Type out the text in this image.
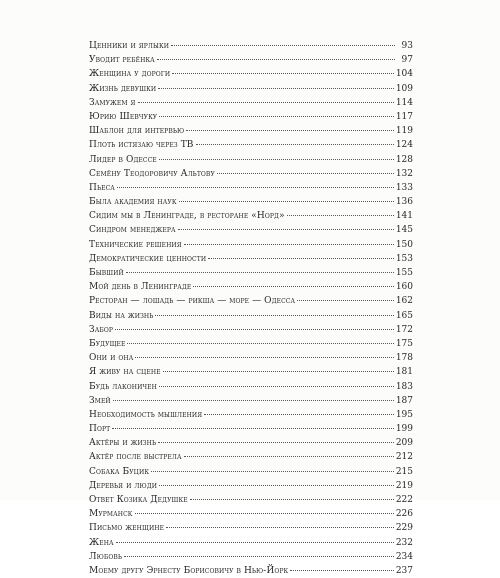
Ценники и ярлыки	93
Уводит ребёнка	97
Женщина у дороги	104
Жизнь девушки	109
Замужем я	114
Юрию Шевчуку	117
Шаблон для интервью	119
Плоть истязаю через ТВ	124
Лидер в Одессе	128
Семёну Теодоровичу Альтову	132
Пьеса	133
Была академия наук	136
Сидим мы в Ленинграде, в ресторане «Норд»	141
Синдром менеджера	145
Технические решения	150
Демократические ценности	153
Бывший	155
Мой день в Ленинграде	160
Ресторан — лошадь — рикша — море — Одесса	162
Виды на жизнь	165
Забор	172
Будущее	175
Они и она	178
Я живу на сцене	181
Будь лаконичен	183
Змей	187
Необходимость мышления	195
Порт	199
Актёры и жизнь	209
Актёр после выстрела	212
Собака Буцик	215
Деревья и люди	219
Ответ Козика Дедушке	222
Мурманск	226
Письмо женщине	229
Жена	232
Любовь	234
Моему другу Эрнесту Борисовичу в Нью-Йорк	237
